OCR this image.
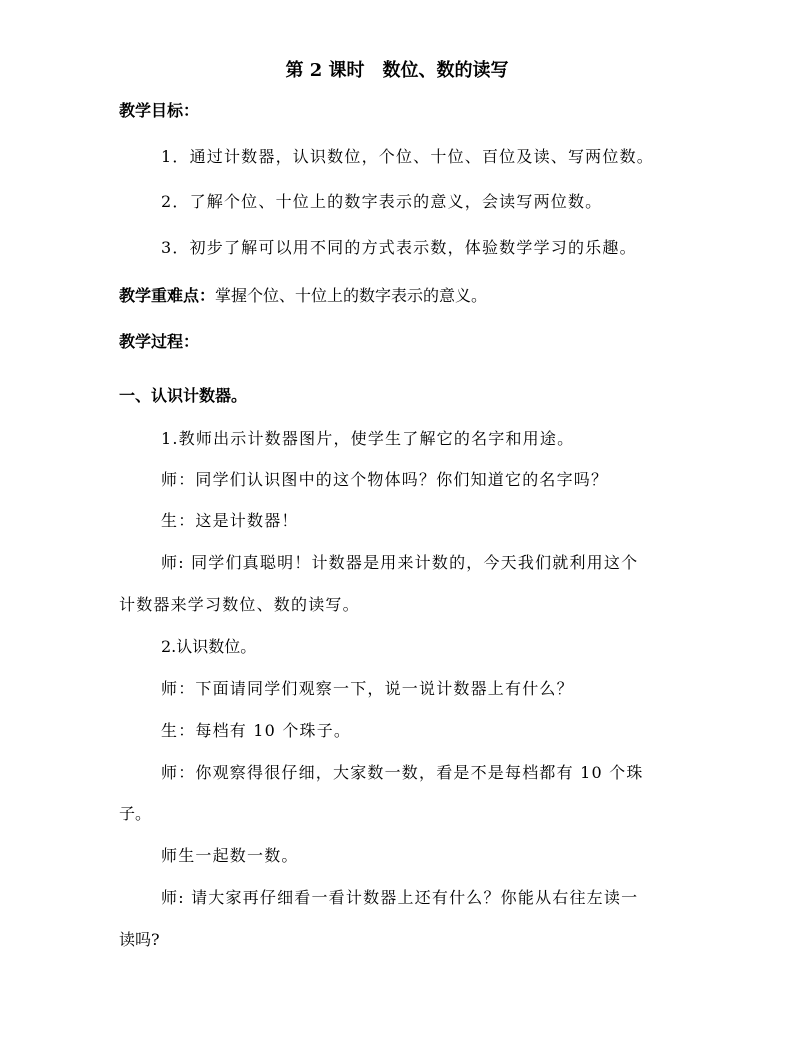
第 2 课时　数位、数的读写

教学目标：

1．通过计数器，认识数位，个位、十位、百位及读、写两位数。

2．了解个位、十位上的数字表示的意义，会读写两位数。

3．初步了解可以用不同的方式表示数，体验数学学习的乐趣。

教学重难点：掌握个位、十位上的数字表示的意义。

教学过程：

一、认识计数器。

1.教师出示计数器图片，使学生了解它的名字和用途。

师：同学们认识图中的这个物体吗？你们知道它的名字吗？

生：这是计数器！

师: 同学们真聪明！计数器是用来计数的，今天我们就利用这个

计数器来学习数位、数的读写。

2.认识数位。

师：下面请同学们观察一下，说一说计数器上有什么？

生：每档有 10 个珠子。

师：你观察得很仔细，大家数一数，看是不是每档都有 10 个珠

子。

师生一起数一数。

师: 请大家再仔细看一看计数器上还有什么？你能从右往左读一

读吗?
